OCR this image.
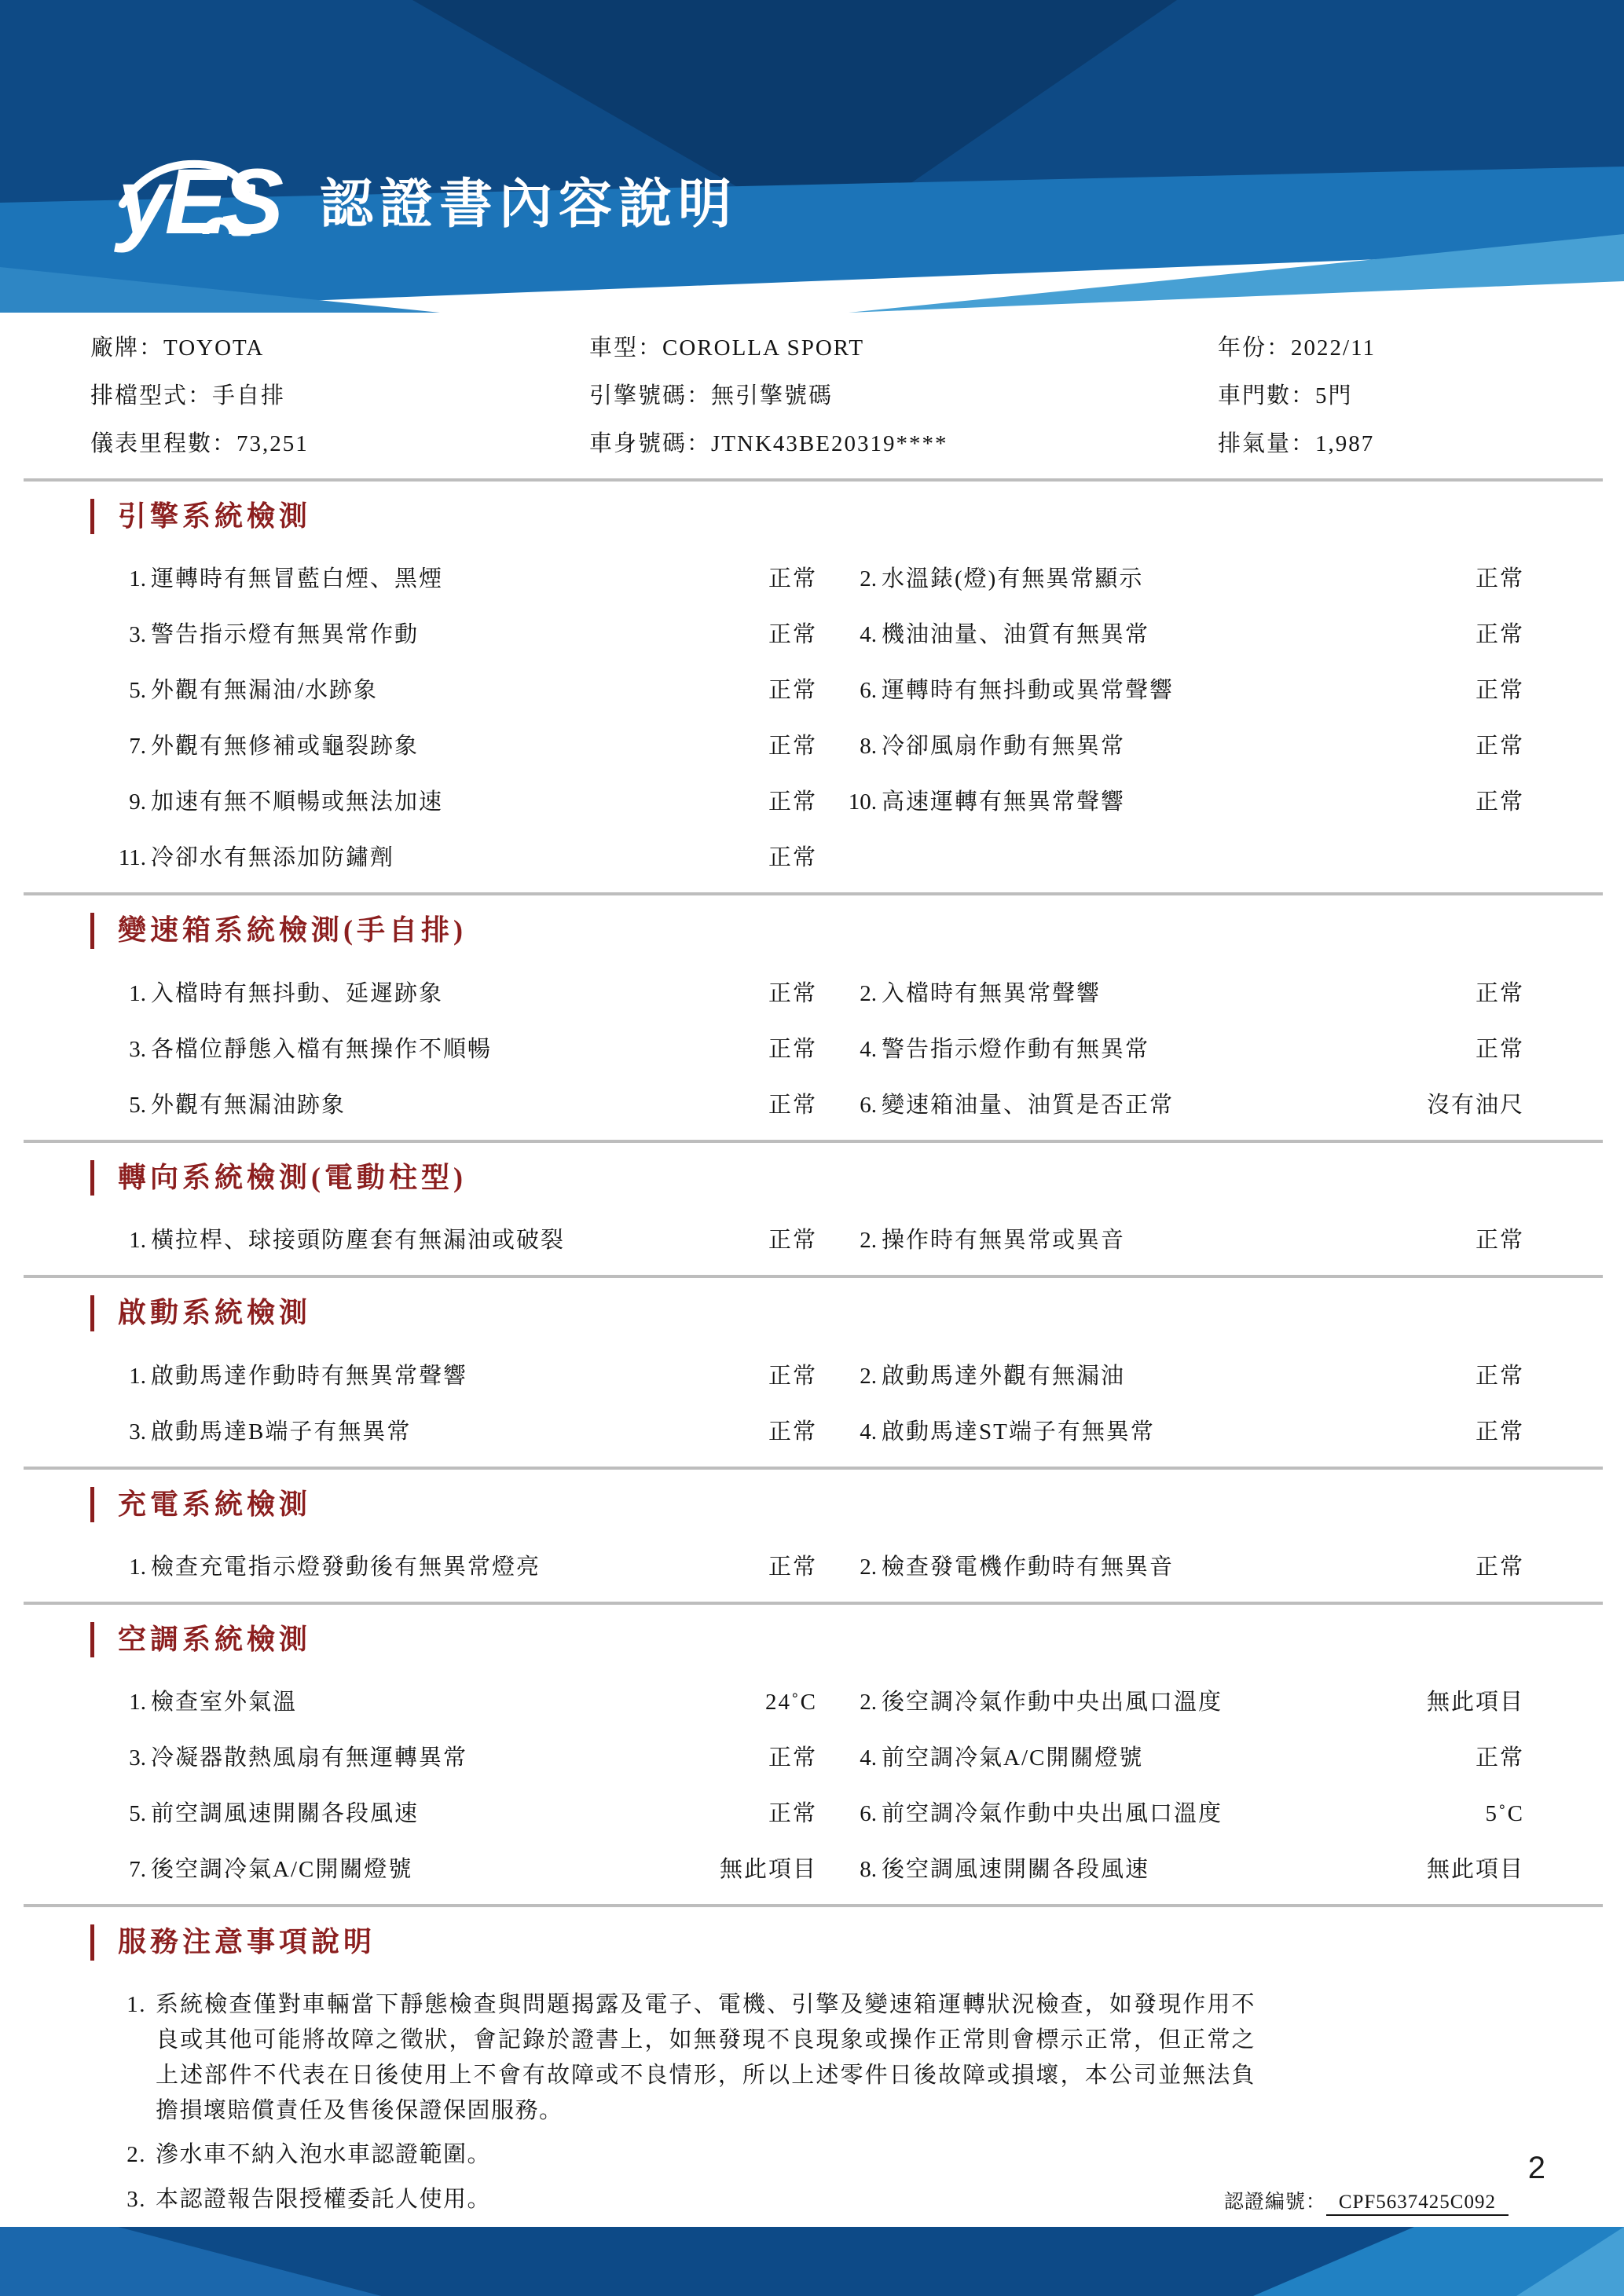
yES 認證書內容說明
廠牌：TOYOTA	車型：COROLLA SPORT	年份：2022/11
排檔型式：手自排	引擎號碼：無引擎號碼	車門數：5門
儀表里程數：73,251	車身號碼：JTNK43BE20319****	排氣量：1,987
引擎系統檢測
1. 運轉時有無冒藍白煙、黑煙	正常	2. 水溫錶(燈)有無異常顯示	正常
3. 警告指示燈有無異常作動	正常	4. 機油油量、油質有無異常	正常
5. 外觀有無漏油/水跡象	正常	6. 運轉時有無抖動或異常聲響	正常
7. 外觀有無修補或龜裂跡象	正常	8. 冷卻風扇作動有無異常	正常
9. 加速有無不順暢或無法加速	正常	10. 高速運轉有無異常聲響	正常
11. 冷卻水有無添加防鏽劑	正常
變速箱系統檢測(手自排)
1. 入檔時有無抖動、延遲跡象	正常	2. 入檔時有無異常聲響	正常
3. 各檔位靜態入檔有無操作不順暢	正常	4. 警告指示燈作動有無異常	正常
5. 外觀有無漏油跡象	正常	6. 變速箱油量、油質是否正常	沒有油尺
轉向系統檢測(電動柱型)
1. 橫拉桿、球接頭防塵套有無漏油或破裂	正常	2. 操作時有無異常或異音	正常
啟動系統檢測
1. 啟動馬達作動時有無異常聲響	正常	2. 啟動馬達外觀有無漏油	正常
3. 啟動馬達B端子有無異常	正常	4. 啟動馬達ST端子有無異常	正常
充電系統檢測
1. 檢查充電指示燈發動後有無異常燈亮	正常	2. 檢查發電機作動時有無異音	正常
空調系統檢測
1. 檢查室外氣溫	24˚C	2. 後空調冷氣作動中央出風口溫度	無此項目
3. 冷凝器散熱風扇有無運轉異常	正常	4. 前空調冷氣A/C開關燈號	正常
5. 前空調風速開關各段風速	正常	6. 前空調冷氣作動中央出風口溫度	5˚C
7. 後空調冷氣A/C開關燈號	無此項目	8. 後空調風速開關各段風速	無此項目
服務注意事項說明
1. 系統檢查僅對車輛當下靜態檢查與問題揭露及電子、電機、引擎及變速箱運轉狀況檢查，如發現作用不良或其他可能將故障之徵狀，會記錄於證書上，如無發現不良現象或操作正常則會標示正常，但正常之上述部件不代表在日後使用上不會有故障或不良情形，所以上述零件日後故障或損壞，本公司並無法負擔損壞賠償責任及售後保證保固服務。
2. 滲水車不納入泡水車認證範圍。
3. 本認證報告限授權委託人使用。	認證編號： CPF5637425C092
2
